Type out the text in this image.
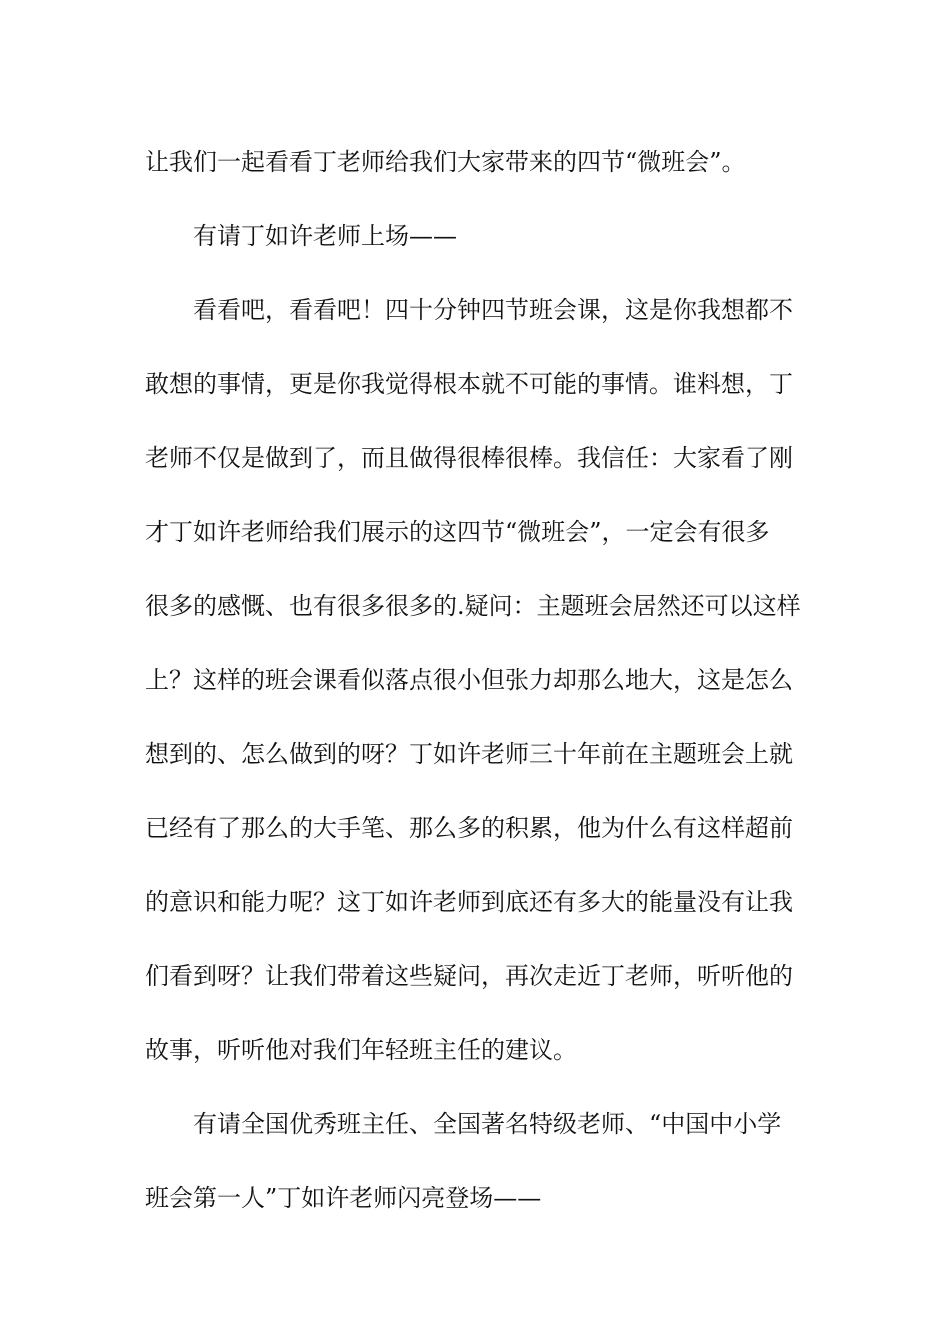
让我们一起看看丁老师给我们大家带来的四节“微班会”。
有请丁如许老师上场——
看看吧，看看吧！四十分钟四节班会课，这是你我想都不
敢想的事情，更是你我觉得根本就不可能的事情。谁料想，丁
老师不仅是做到了，而且做得很棒很棒。我信任：大家看了刚
才丁如许老师给我们展示的这四节“微班会”，一定会有很多
很多的感慨、也有很多很多的.疑问：主题班会居然还可以这样
上？这样的班会课看似落点很小但张力却那么地大，这是怎么
想到的、怎么做到的呀？丁如许老师三十年前在主题班会上就
已经有了那么的大手笔、那么多的积累，他为什么有这样超前
的意识和能力呢？这丁如许老师到底还有多大的能量没有让我
们看到呀？让我们带着这些疑问，再次走近丁老师，听听他的
故事，听听他对我们年轻班主任的建议。
有请全国优秀班主任、全国著名特级老师、“中国中小学
班会第一人”丁如许老师闪亮登场——
